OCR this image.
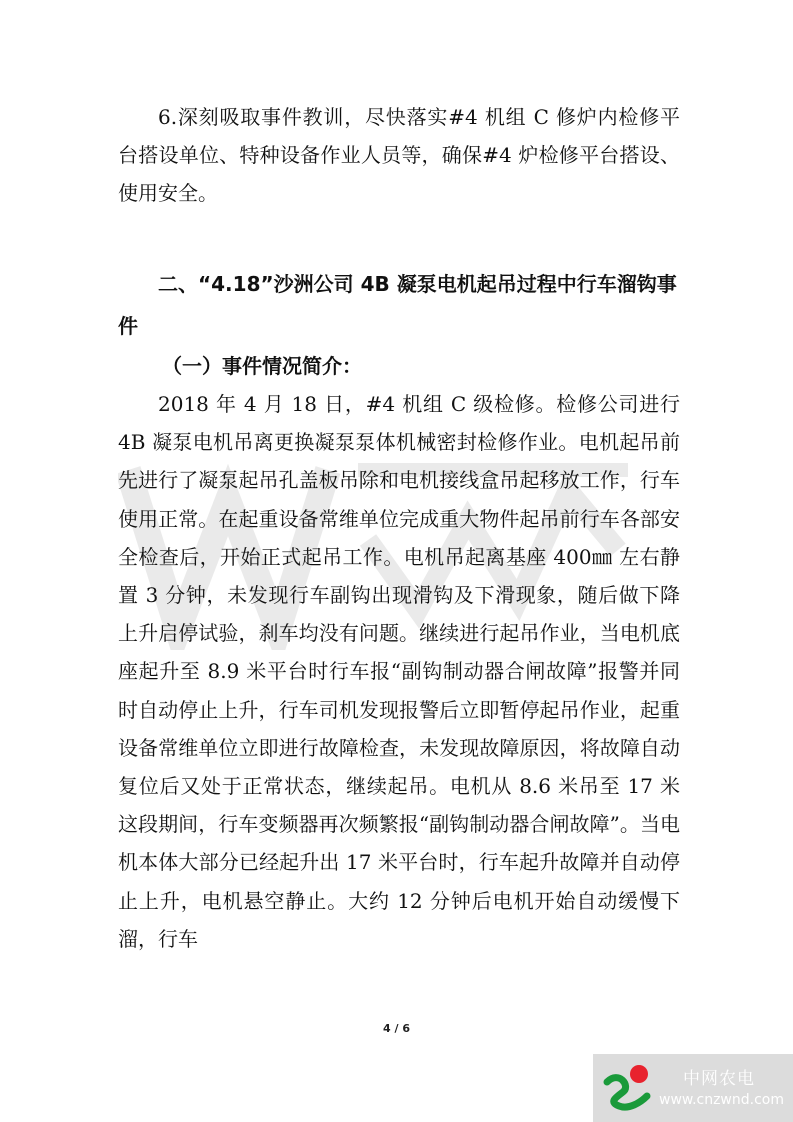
6.深刻吸取事件教训，尽快落实#4 机组 C 修炉内检修平台搭设单位、特种设备作业人员等，确保#4 炉检修平台搭设、使用安全。

二、“4.18”沙洲公司 4B 凝泵电机起吊过程中行车溜钩事件

（一）事件情况简介：

2018 年 4 月 18 日，#4 机组 C 级检修。检修公司进行 4B 凝泵电机吊离更换凝泵泵体机械密封检修作业。电机起吊前先进行了凝泵起吊孔盖板吊除和电机接线盒吊起移放工作，行车使用正常。在起重设备常维单位完成重大物件起吊前行车各部安全检查后，开始正式起吊工作。电机吊起离基座 400㎜ 左右静置 3 分钟，未发现行车副钩出现滑钩及下滑现象，随后做下降上升启停试验，刹车均没有问题。继续进行起吊作业，当电机底座起升至 8.9 米平台时行车报“副钩制动器合闸故障”报警并同时自动停止上升，行车司机发现报警后立即暂停起吊作业，起重设备常维单位立即进行故障检查，未发现故障原因，将故障自动复位后又处于正常状态，继续起吊。电机从 8.6 米吊至 17 米这段期间，行车变频器再次频繁报“副钩制动器合闸故障”。当电机本体大部分已经起升出 17 米平台时，行车起升故障并自动停止上升，电机悬空静止。大约 12 分钟后电机开始自动缓慢下溜，行车

4 / 6
中网农电
www.cnzwnd.com
